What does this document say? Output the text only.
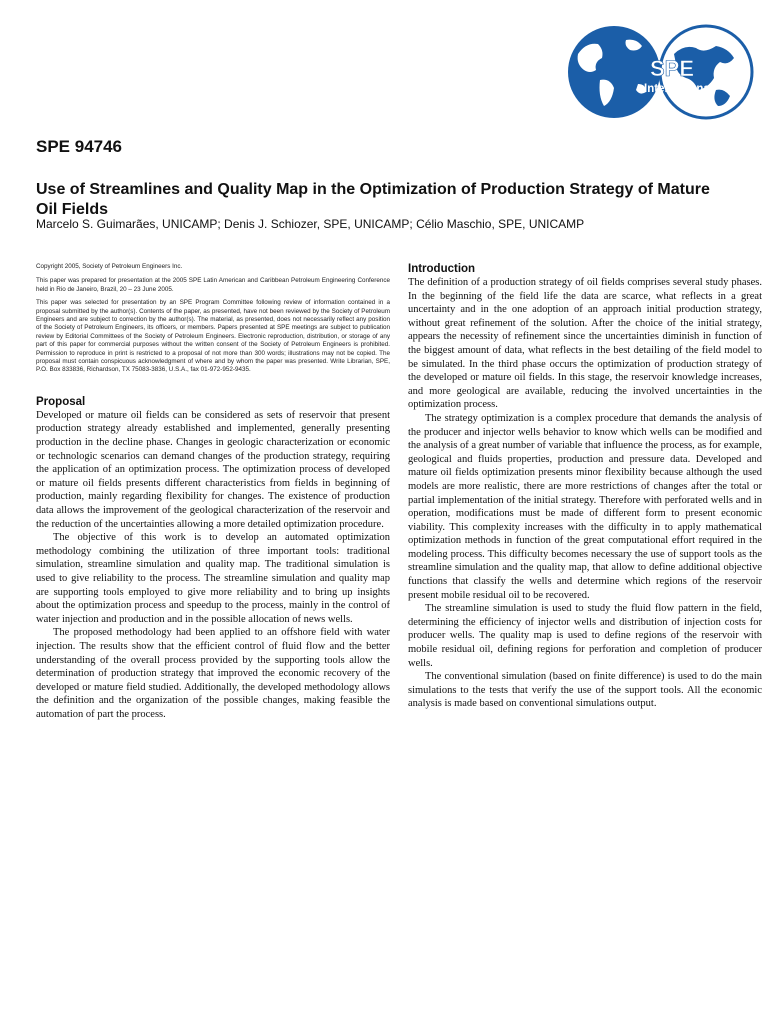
SPE
International
SPE 94746
Use of Streamlines and Quality Map in the Optimization of Production Strategy of Mature Oil Fields
Marcelo S. Guimarães, UNICAMP; Denis J. Schiozer, SPE, UNICAMP; Célio Maschio, SPE, UNICAMP

Copyright 2005, Society of Petroleum Engineers Inc.

This paper was prepared for presentation at the 2005 SPE Latin American and Caribbean Petroleum Engineering Conference held in Rio de Janeiro, Brazil, 20 – 23 June 2005.

This paper was selected for presentation by an SPE Program Committee following review of information contained in a proposal submitted by the author(s). Contents of the paper, as presented, have not been reviewed by the Society of Petroleum Engineers and are subject to correction by the author(s). The material, as presented, does not necessarily reflect any position of the Society of Petroleum Engineers, its officers, or members. Papers presented at SPE meetings are subject to publication review by Editorial Committees of the Society of Petroleum Engineers. Electronic reproduction, distribution, or storage of any part of this paper for commercial purposes without the written consent of the Society of Petroleum Engineers is prohibited. Permission to reproduce in print is restricted to a proposal of not more than 300 words; illustrations may not be copied. The proposal must contain conspicuous acknowledgment of where and by whom the paper was presented. Write Librarian, SPE, P.O. Box 833836, Richardson, TX 75083-3836, U.S.A., fax 01-972-952-9435.

Proposal

Developed or mature oil fields can be considered as sets of reservoir that present production strategy already established and implemented, generally presenting production in the decline phase. Changes in geologic characterization or economic or technologic scenarios can demand changes of the production strategy, requiring the application of an optimization process. The optimization process of developed or mature oil fields presents different characteristics from fields in beginning of production, mainly regarding flexibility for changes. The existence of production data allows the improvement of the geological characterization of the reservoir and the reduction of the uncertainties allowing a more detailed optimization procedure.

The objective of this work is to develop an automated optimization methodology combining the utilization of three important tools: traditional simulation, streamline simulation and quality map. The traditional simulation is used to give reliability to the process. The streamline simulation and quality map are supporting tools employed to give more reliability and to bring up insights about the optimization process and speedup to the process, mainly in the control of water injection and production and in the possible allocation of news wells.

The proposed methodology had been applied to an offshore field with water injection. The results show that the efficient control of fluid flow and the better understanding of the overall process provided by the supporting tools allow the determination of production strategy that improved the economic recovery of the developed or mature field studied. Additionally, the developed methodology allows the definition and the organization of the possible changes, making feasible the automation of part the process.

Introduction

The definition of a production strategy of oil fields comprises several study phases. In the beginning of the field life the data are scarce, what reflects in a great uncertainty and in the one adoption of an approach initial production strategy, without great refinement of the solution. After the choice of the initial strategy, appears the necessity of refinement since the uncertainties diminish in function of the biggest amount of data, what reflects in the best detailing of the field model to be simulated. In the third phase occurs the optimization of production strategy of the developed or mature oil fields. In this stage, the reservoir knowledge increases, and more geological are available, reducing the involved uncertainties in the optimization process.

The strategy optimization is a complex procedure that demands the analysis of the producer and injector wells behavior to know which wells can be modified and the analysis of a great number of variable that influence the process, as for example, geological and fluids properties, production and pressure data. Developed and mature oil fields optimization presents minor flexibility because although the used models are more realistic, there are more restrictions of changes after the total or partial implementation of the initial strategy. Therefore with perforated wells and in operation, modifications must be made of different form to present economic viability. This complexity increases with the difficulty in to apply mathematical optimization methods in function of the great computational effort required in the modeling process. This difficulty becomes necessary the use of support tools as the streamline simulation and the quality map, that allow to define additional objective functions that classify the wells and determine which regions of the reservoir present mobile residual oil to be recovered.

The streamline simulation is used to study the fluid flow pattern in the field, determining the efficiency of injector wells and distribution of injection costs for producer wells. The quality map is used to define regions of the reservoir with mobile residual oil, defining regions for perforation and completion of producer wells.

The conventional simulation (based on finite difference) is used to do the main simulations to the tests that verify the use of the support tools. All the economic analysis is made based on conventional simulations output.
